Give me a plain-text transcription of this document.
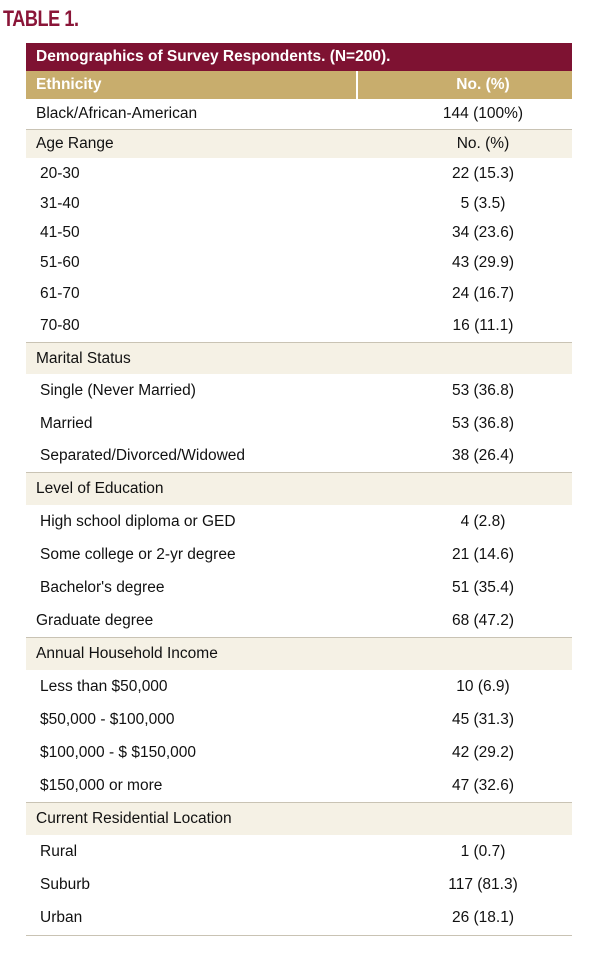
TABLE 1.
Demographics of Survey Respondents. (N=200).
Ethnicity	No. (%)
Black/African-American	144 (100%)
Age Range	No. (%)
20-30	22 (15.3)
31-40	5 (3.5)
41-50	34 (23.6)
51-60	43 (29.9)
61-70	24 (16.7)
70-80	16 (11.1)
Marital Status
Single (Never Married)	53 (36.8)
Married	53 (36.8)
Separated/Divorced/Widowed	38 (26.4)
Level of Education
High school diploma or GED	4 (2.8)
Some college or 2-yr degree	21 (14.6)
Bachelor's degree	51 (35.4)
Graduate degree	68 (47.2)
Annual Household Income
Less than $50,000	10 (6.9)
$50,000 - $100,000	45 (31.3)
$100,000 - $ $150,000	42 (29.2)
$150,000 or more	47 (32.6)
Current Residential Location
Rural	1 (0.7)
Suburb	117 (81.3)
Urban	26 (18.1)
